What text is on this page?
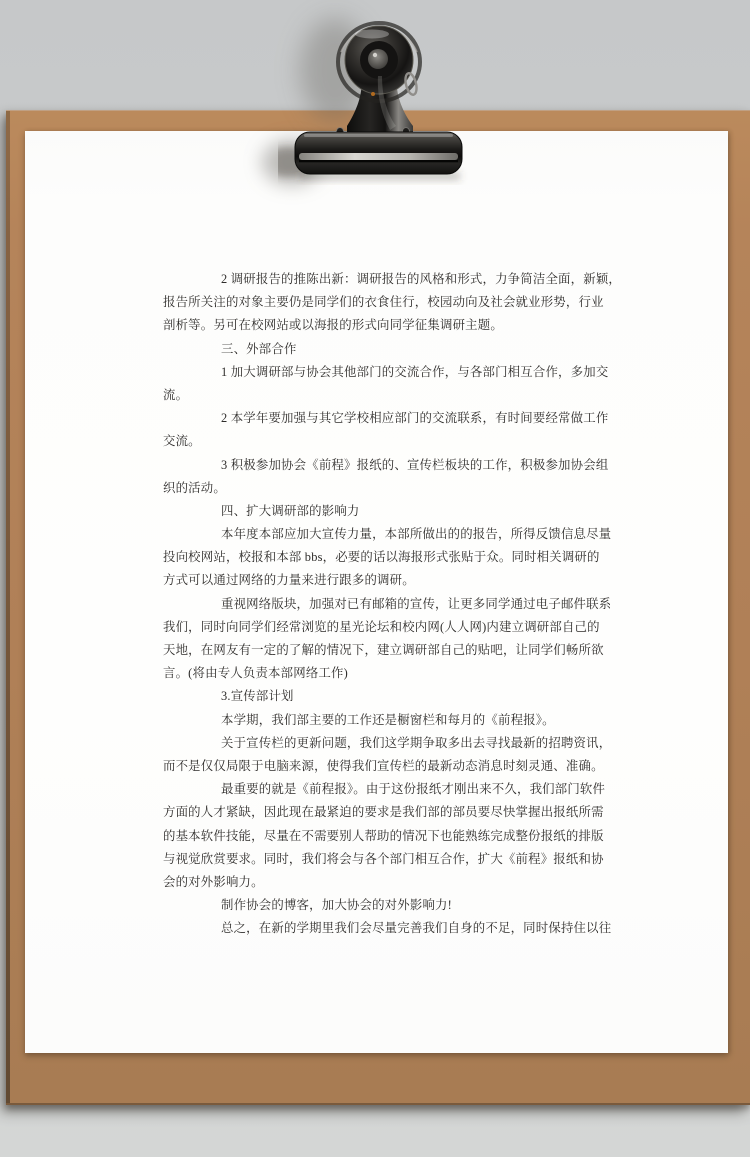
2 调研报告的推陈出新：调研报告的风格和形式，力争简洁全面，新颖，
报告所关注的对象主要仍是同学们的衣食住行，校园动向及社会就业形势，行业
剖析等。另可在校网站或以海报的形式向同学征集调研主题。
三、外部合作
1 加大调研部与协会其他部门的交流合作，与各部门相互合作，多加交
流。
2 本学年要加强与其它学校相应部门的交流联系，有时间要经常做工作
交流。
3 积极参加协会《前程》报纸的、宣传栏板块的工作，积极参加协会组
织的活动。
四、扩大调研部的影响力
本年度本部应加大宣传力量，本部所做出的的报告，所得反馈信息尽量
投向校网站，校报和本部 bbs，必要的话以海报形式张贴于众。同时相关调研的
方式可以通过网络的力量来进行跟多的调研。
重视网络版块，加强对已有邮箱的宣传，让更多同学通过电子邮件联系
我们，同时向同学们经常浏览的星光论坛和校内网(人人网)内建立调研部自己的
天地，在网友有一定的了解的情况下，建立调研部自己的贴吧，让同学们畅所欲
言。(将由专人负责本部网络工作)
3.宣传部计划
本学期，我们部主要的工作还是橱窗栏和每月的《前程报》。
关于宣传栏的更新问题，我们这学期争取多出去寻找最新的招聘资讯，
而不是仅仅局限于电脑来源，使得我们宣传栏的最新动态消息时刻灵通、准确。
最重要的就是《前程报》。由于这份报纸才刚出来不久，我们部门软件
方面的人才紧缺，因此现在最紧迫的要求是我们部的部员要尽快掌握出报纸所需
的基本软件技能，尽量在不需要别人帮助的情况下也能熟练完成整份报纸的排版
与视觉欣赏要求。同时，我们将会与各个部门相互合作，扩大《前程》报纸和协
会的对外影响力。
制作协会的博客，加大协会的对外影响力!
总之，在新的学期里我们会尽量完善我们自身的不足，同时保持住以往
